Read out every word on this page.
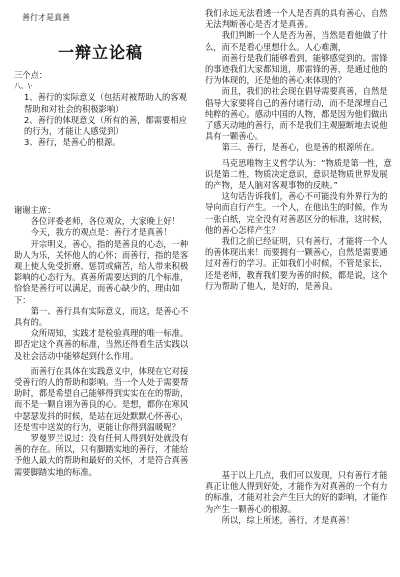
善行才是真善
一辩立论稿

三个点：

八、\·

1、善行的实际意义（包括对被帮助人的客观帮助和对社会的积极影响）

2、善行的体现意义（所有的善，都需要相应的行为，才能让人感觉到）

3、善行，是善心的根源。

谢谢主席：

各位评委老师，各位观众，大家晚上好！

今天，我方的观点是：善行才是真善！

开宗明义，善心，指的是善良的心态，一种助人为乐，关怀他人的心怀；而善行，指的是客观上使人免受折磨、惩罚或痛苦，给人带来积极影响的心态行为。真善所需要达到的几个标准，恰恰是善行可以满足，而善心缺少的，理由如下：

第一、善行具有实际意义，而这，是善心不具有的。

众所周知，实践才是检验真理的唯一标准。即否定这个真善的标准，当然还得看生活实践以及社会活动中能够起到什么作用。

而善行在具体在实践意义中，体现在它对接受善行的人的帮助和影响。当一个人处于需要帮助时，都是希望自己能够得到实实在在的帮助，而不是一颗自诩为善良的心。是想，都你在寒风中瑟瑟发抖的时候，是站在远处默默心怀善心，还是雪中送炭的行为，更能让你得到温暖呢？

罗曼罗兰说过：没有任何人得到好处就没有善的存在。所以，只有脚踏实地的善行，才能给予他人最大的帮助和最好的关怀，才是符合真善需要脚踏实地的标准。

我们永远无法看透一个人是否真的具有善心，自然无法判断善心是否才是真善。

我们判断一个人是否为善，当然是看他做了什么，而不是看心里想什么。人心难测，

而善行是我们能够看到，能够感觉到的。雷锋的事迹我们大家都知道，那雷锋的善，是通过他的行为体现的，还是他的善心来体现的？

而且，我们的社会现在倡导需要真善，自然是倡导大家要将自己的善付诸行动，而不是深埋自己纯粹的善心。感动中国的人物，都是因为他们做出了感天动地的善行，而不是我们主观臆断地去说他具有一颗善心。

第三、善行，是善心，也是善的根源所在。

马克思唯物主义哲学认为：“物质是第一性，意识是第二性，物质决定意识，意识是物质世界发展的产物，是人脑对客观事物的反映。”

这句话告诉我们，善心不可能没有外界行为的导向而自行产生。一个人，在他出生的时候，作为一张白纸，完全没有对善恶区分的标准，这时候，他的善心怎样产生？

我们之前已经证明，只有善行，才能将一个人的善体现出来！而要拥有一颗善心，自然是需要通过对善行的学习。正如我们小时候，不管是家长，还是老师，教育我们要为善的时候，都是说，这个行为帮助了他人，是好的，是善良。

基于以上几点，我们可以发现，只有善行才能真正让他人得到好处，才能作为对真善的一个有力的标准，才能对社会产生巨大的好的影响，才能作为产生一颗善心的根源。

所以，综上所述，善行，才是真善！
